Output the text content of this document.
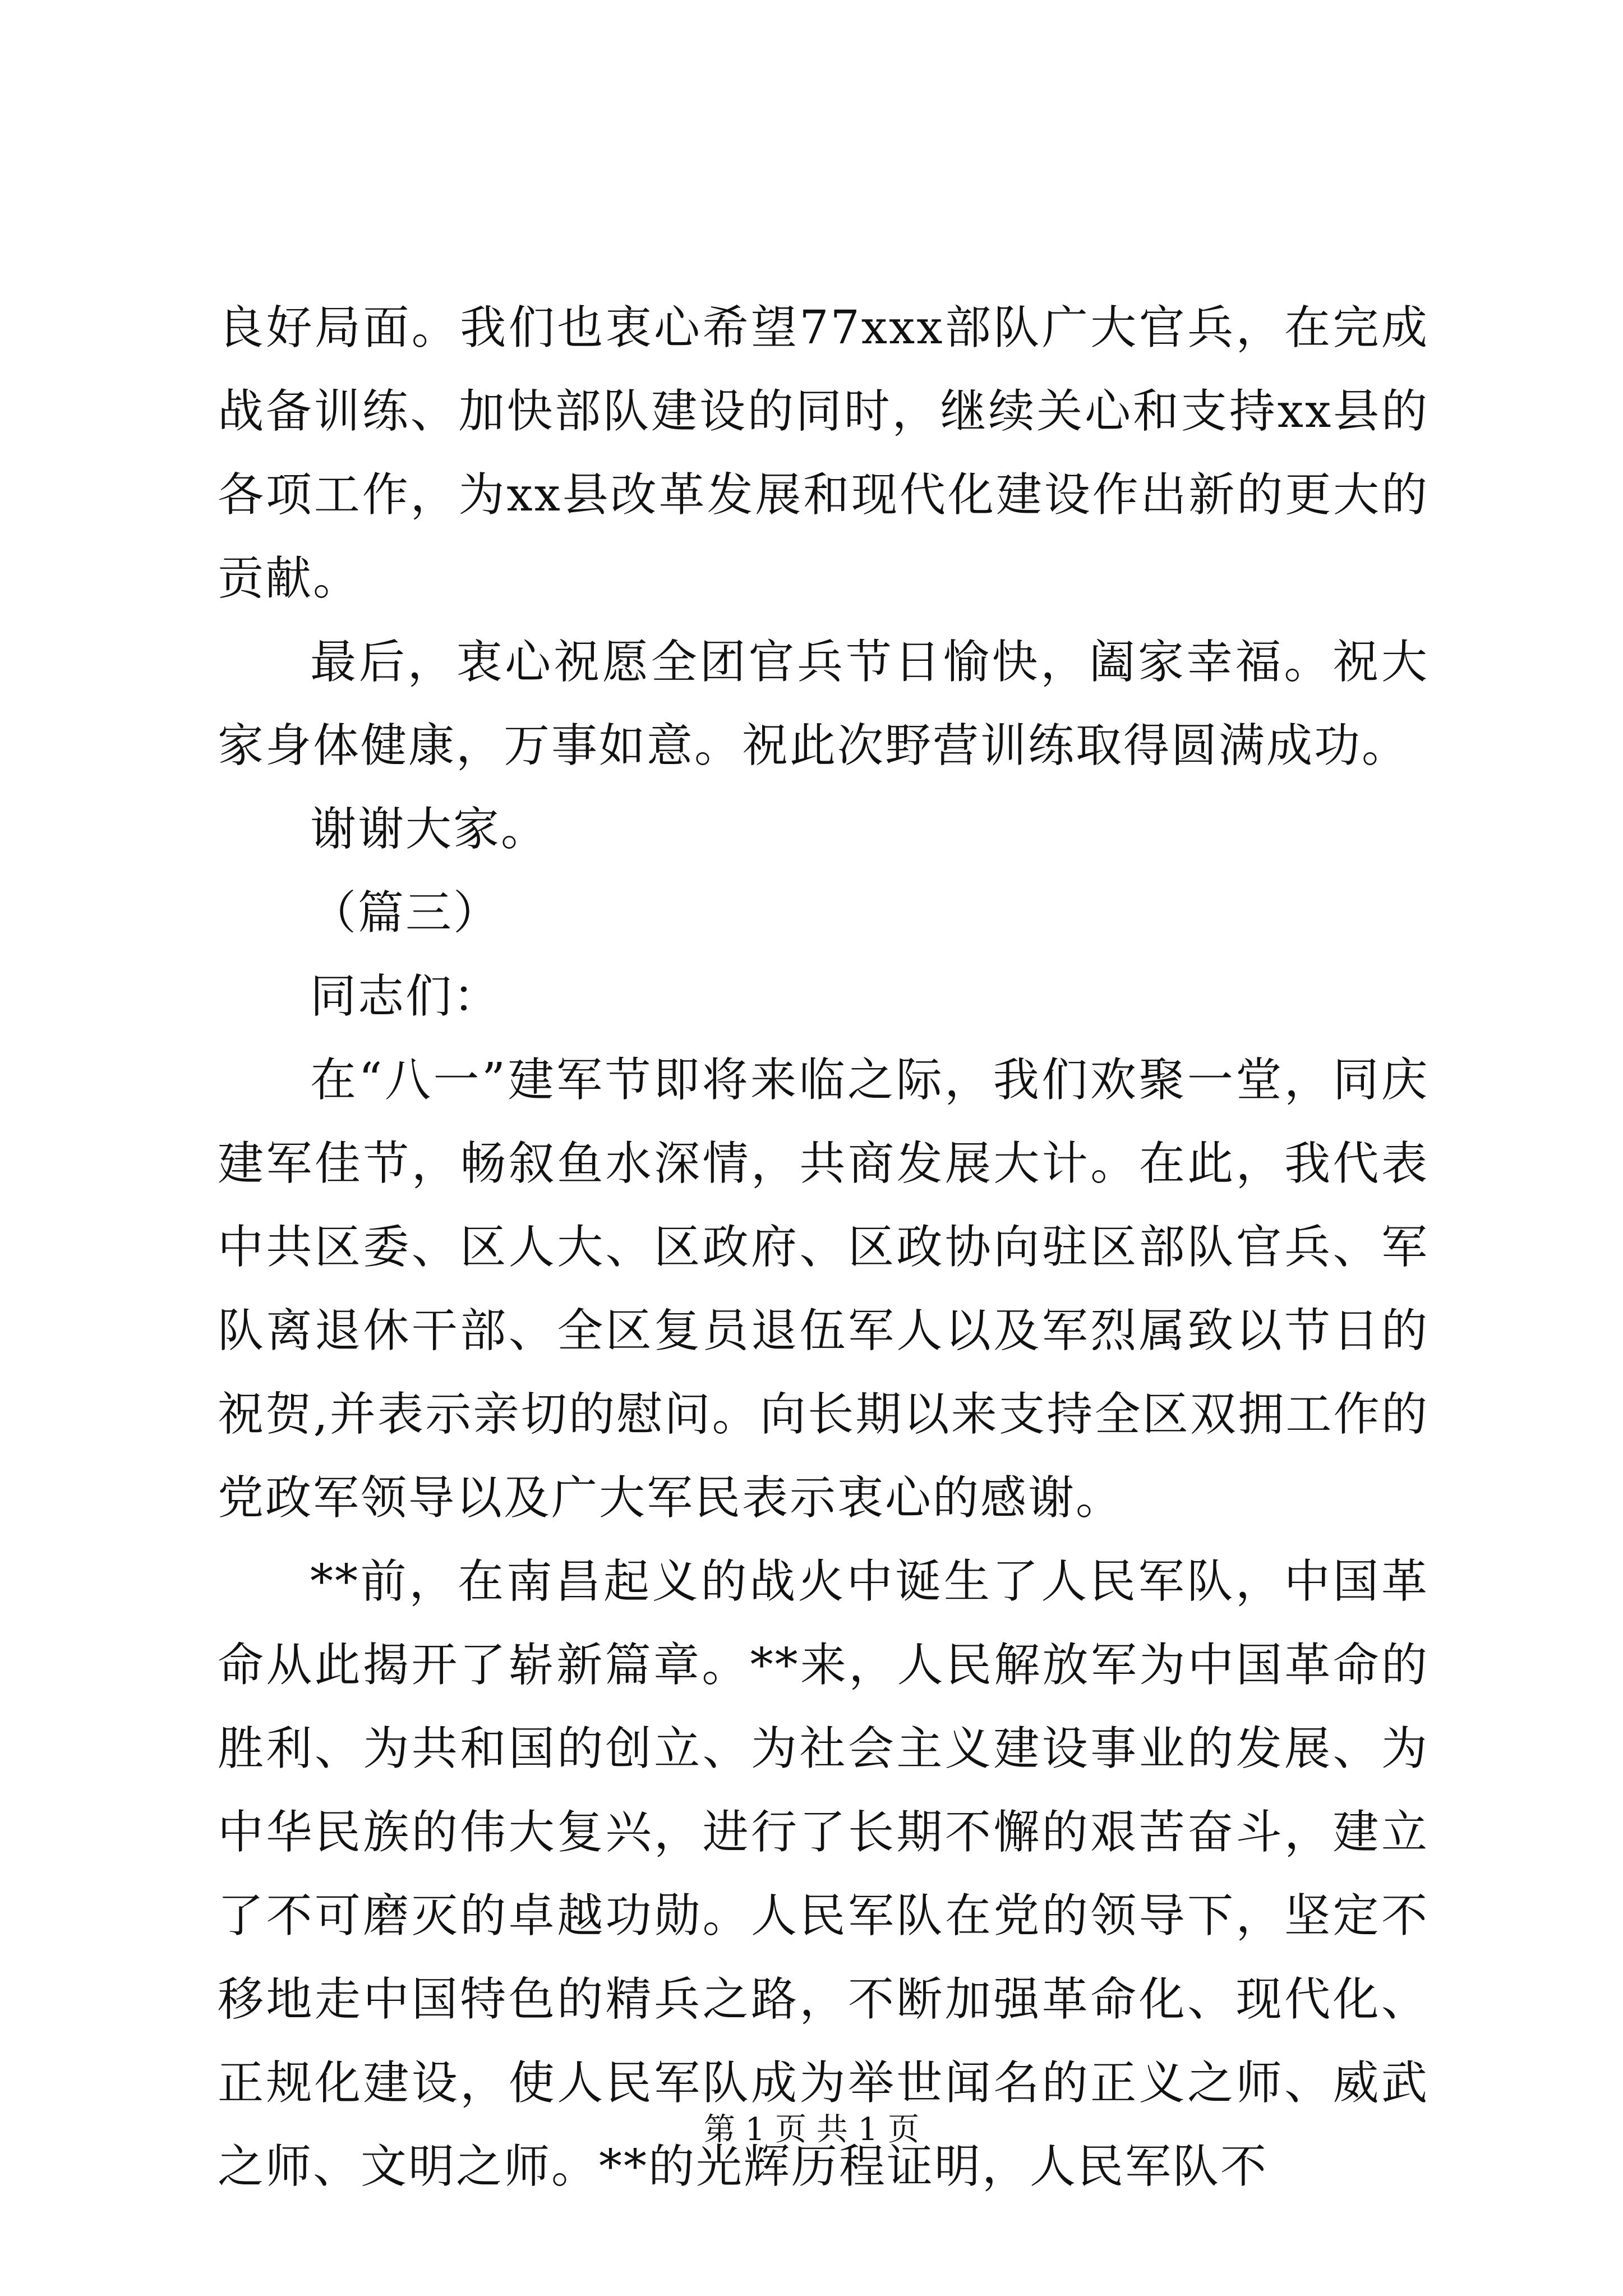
良好局面。我们也衷心希望77xxx部队广大官兵，在完成战备训练、加快部队建设的同时，继续关心和支持xx县的各项工作，为xx县改革发展和现代化建设作出新的更大的贡献。

最后，衷心祝愿全团官兵节日愉快，阖家幸福。祝大家身体健康，万事如意。祝此次野营训练取得圆满成功。

谢谢大家。

（篇三）

同志们：

在“八一”建军节即将来临之际，我们欢聚一堂，同庆建军佳节，畅叙鱼水深情，共商发展大计。在此，我代表中共区委、区人大、区政府、区政协向驻区部队官兵、军队离退休干部、全区复员退伍军人以及军烈属致以节日的祝贺,并表示亲切的慰问。向长期以来支持全区双拥工作的党政军领导以及广大军民表示衷心的感谢。

**前，在南昌起义的战火中诞生了人民军队，中国革命从此揭开了崭新篇章。**来，人民解放军为中国革命的胜利、为共和国的创立、为社会主义建设事业的发展、为中华民族的伟大复兴，进行了长期不懈的艰苦奋斗，建立了不可磨灭的卓越功勋。人民军队在党的领导下，坚定不移地走中国特色的精兵之路，不断加强革命化、现代化、正规化建设，使人民军队成为举世闻名的正义之师、威武之师、文明之师。**的光辉历程证明，人民军队不

第 1 页 共 1 页
